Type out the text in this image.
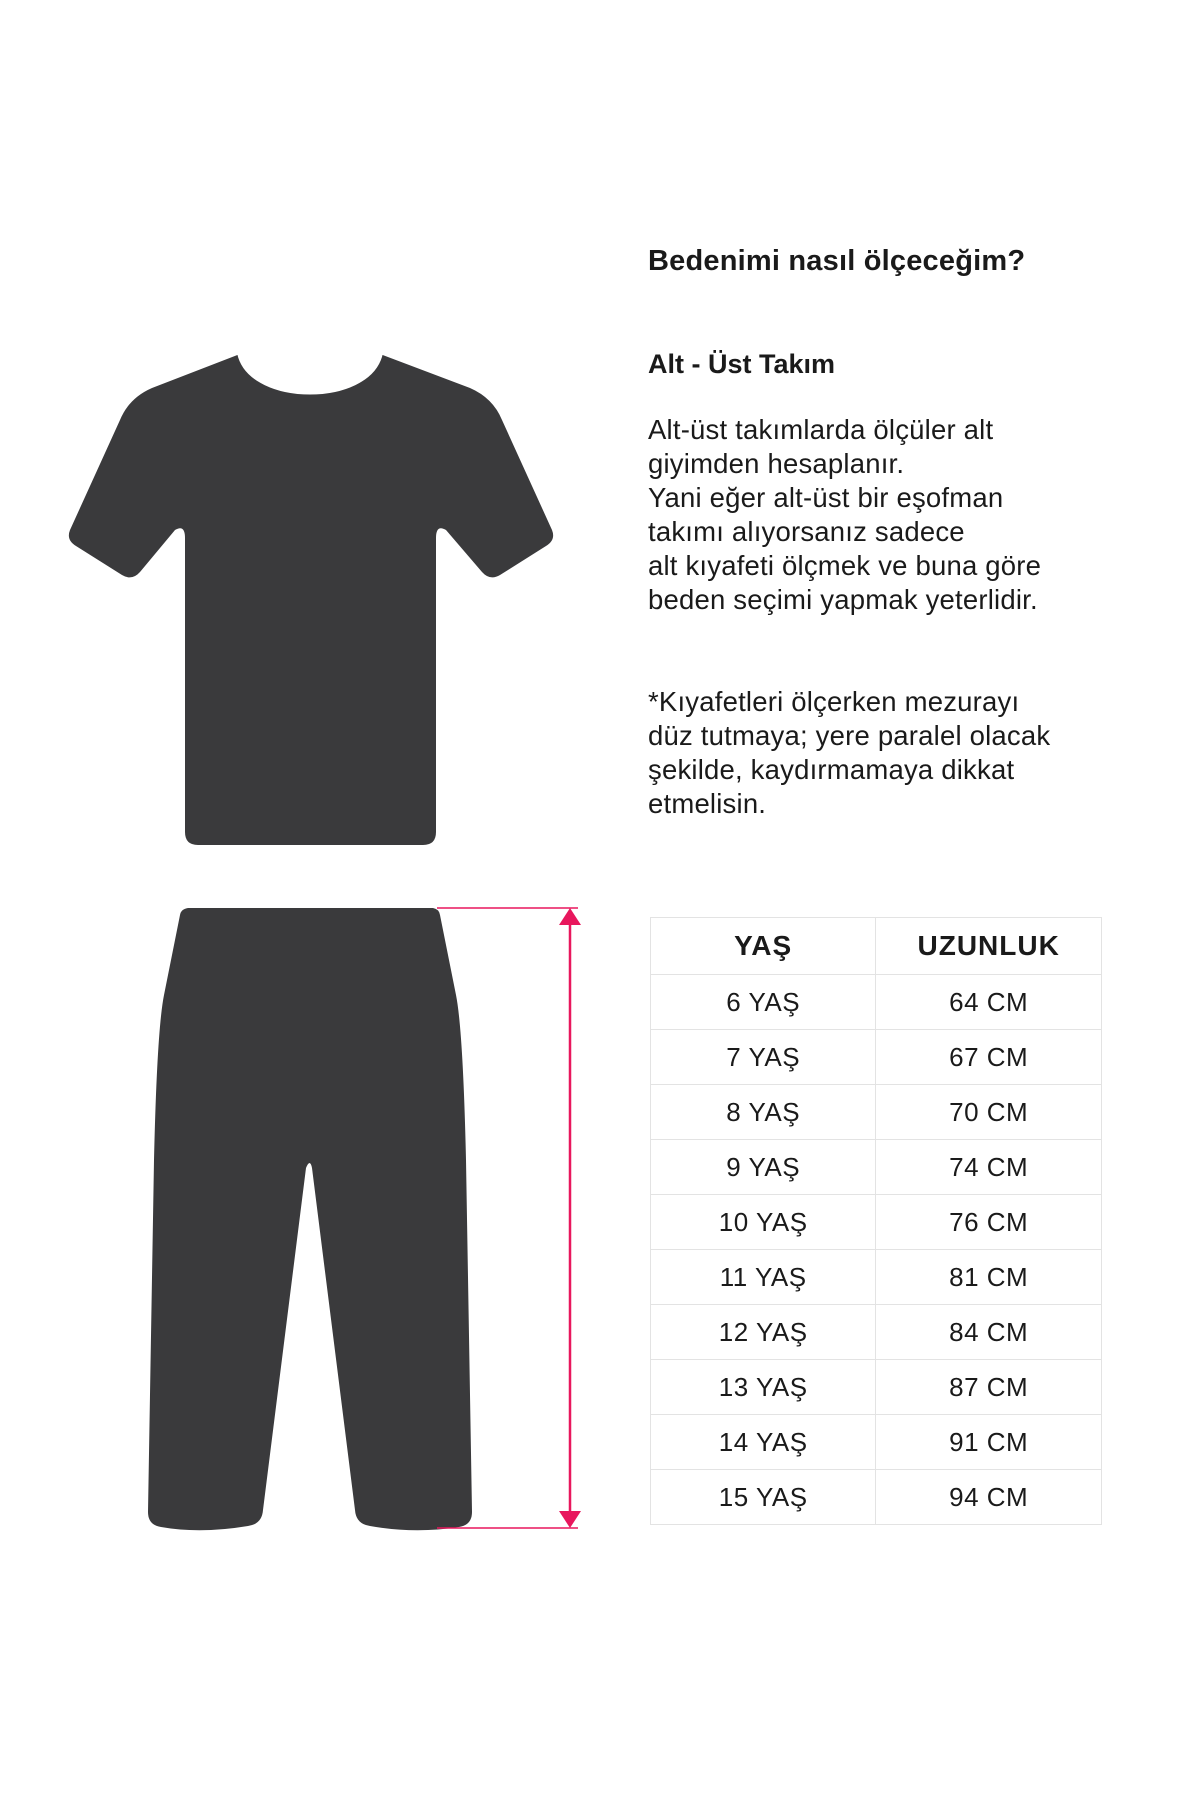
Bedenimi nasıl ölçeceğim?
Alt - Üst Takım

Alt-üst takımlarda ölçüler alt
giyimden hesaplanır.
Yani eğer alt-üst bir eşofman
takımı alıyorsanız sadece
alt kıyafeti ölçmek ve buna göre
beden seçimi yapmak yeterlidir.

*Kıyafetleri ölçerken mezurayı
düz tutmaya; yere paralel olacak
şekilde, kaydırmamaya dikkat
etmelisin.

YAŞ	UZUNLUK
6 YAŞ	64 CM
7 YAŞ	67 CM
8 YAŞ	70 CM
9 YAŞ	74 CM
10 YAŞ	76 CM
11 YAŞ	81 CM
12 YAŞ	84 CM
13 YAŞ	87 CM
14 YAŞ	91 CM
15 YAŞ	94 CM
